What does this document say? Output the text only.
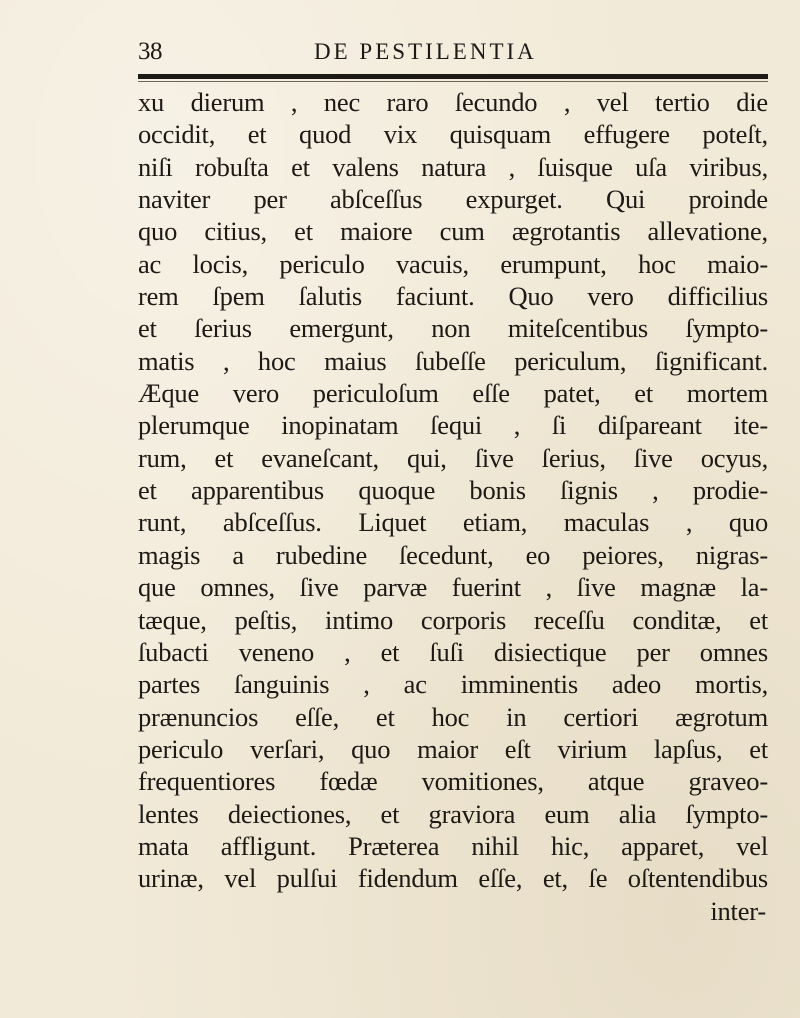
38	DE PESTILENTIA
xu dierum , nec raro ſecundo , vel tertio die
occidit, et quod vix quisquam effugere poteſt,
niſi robuſta et valens natura , ſuisque uſa viribus,
naviter per abſceſſus expurget. Qui proinde
quo citius, et maiore cum ægrotantis allevatione,
ac locis, periculo vacuis, erumpunt, hoc maio-
rem ſpem ſalutis faciunt. Quo vero difficilius
et ſerius emergunt, non miteſcentibus ſympto-
matis , hoc maius ſubeſſe periculum, ſignificant.
Æque vero periculoſum eſſe patet, et mortem
plerumque inopinatam ſequi , ſi diſpareant ite-
rum, et evaneſcant, qui, ſive ſerius, ſive ocyus,
et apparentibus quoque bonis ſignis , prodie-
runt, abſceſſus. Liquet etiam, maculas , quo
magis a rubedine ſecedunt, eo peiores, nigras-
que omnes, ſive parvæ fuerint , ſive magnæ la-
tæque, peſtis, intimo corporis receſſu conditæ, et
ſubacti veneno , et ſuſi disiectique per omnes
partes ſanguinis , ac imminentis adeo mortis,
prænuncios eſſe, et hoc in certiori ægrotum
periculo verſari, quo maior eſt virium lapſus, et
frequentiores fœdæ vomitiones, atque graveo-
lentes deiectiones, et graviora eum alia ſympto-
mata affligunt. Præterea nihil hic, apparet, vel
urinæ, vel pulſui fidendum eſſe, et, ſe oſtentendibus
inter-
